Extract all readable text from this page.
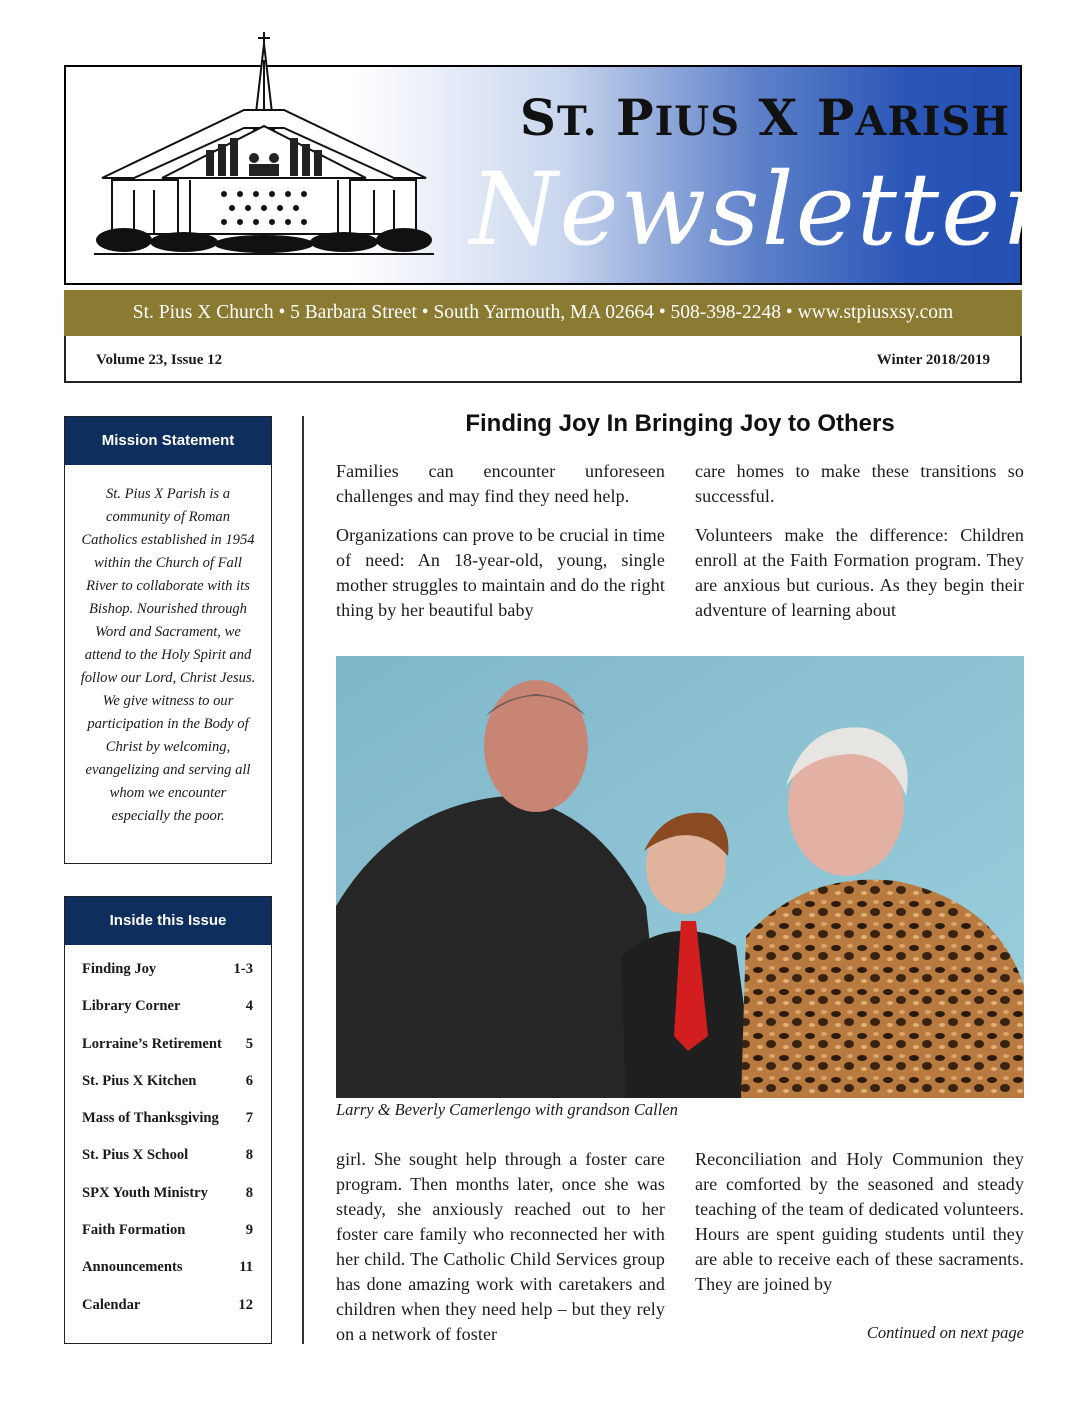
ST. PIUS X PARISH
Newsletter
St. Pius X Church • 5 Barbara Street • South Yarmouth, MA 02664 • 508-398-2248 • www.stpiusxsy.com
Volume 23, Issue 12	Winter 2018/2019
Mission Statement
St. Pius X Parish is a community of Roman Catholics established in 1954 within the Church of Fall River to collaborate with its Bishop. Nourished through Word and Sacrament, we attend to the Holy Spirit and follow our Lord, Christ Jesus. We give witness to our participation in the Body of Christ by welcoming, evangelizing and serving all whom we encounter especially the poor.
Inside this Issue
Finding Joy	1-3
Library Corner	4
Lorraine’s Retirement 5
St. Pius X Kitchen	6
Mass of Thanksgiving 7
St. Pius X School	8
SPX Youth Ministry	8
Faith Formation	9
Announcements	11
Calendar	12
Finding Joy In Bringing Joy to Others

Families can encounter unforeseen challenges and may find they need help.

Organizations can prove to be crucial in time of need: An 18-year-old, young, single mother struggles to maintain and do the right thing by her beautiful baby

care homes to make these transitions so successful.

Volunteers make the difference: Children enroll at the Faith Formation program. They are anxious but curious. As they begin their adventure of learning about

Larry & Beverly Camerlengo with grandson Callen

girl. She sought help through a foster care program. Then months later, once she was steady, she anxiously reached out to her foster care family who reconnected her with her child. The Catholic Child Services group has done amazing work with caretakers and children when they need help – but they rely on a network of foster

Reconciliation and Holy Communion they are comforted by the seasoned and steady teaching of the team of dedicated volunteers. Hours are spent guiding students until they are able to receive each of these sacraments. They are joined by

Continued on next page
